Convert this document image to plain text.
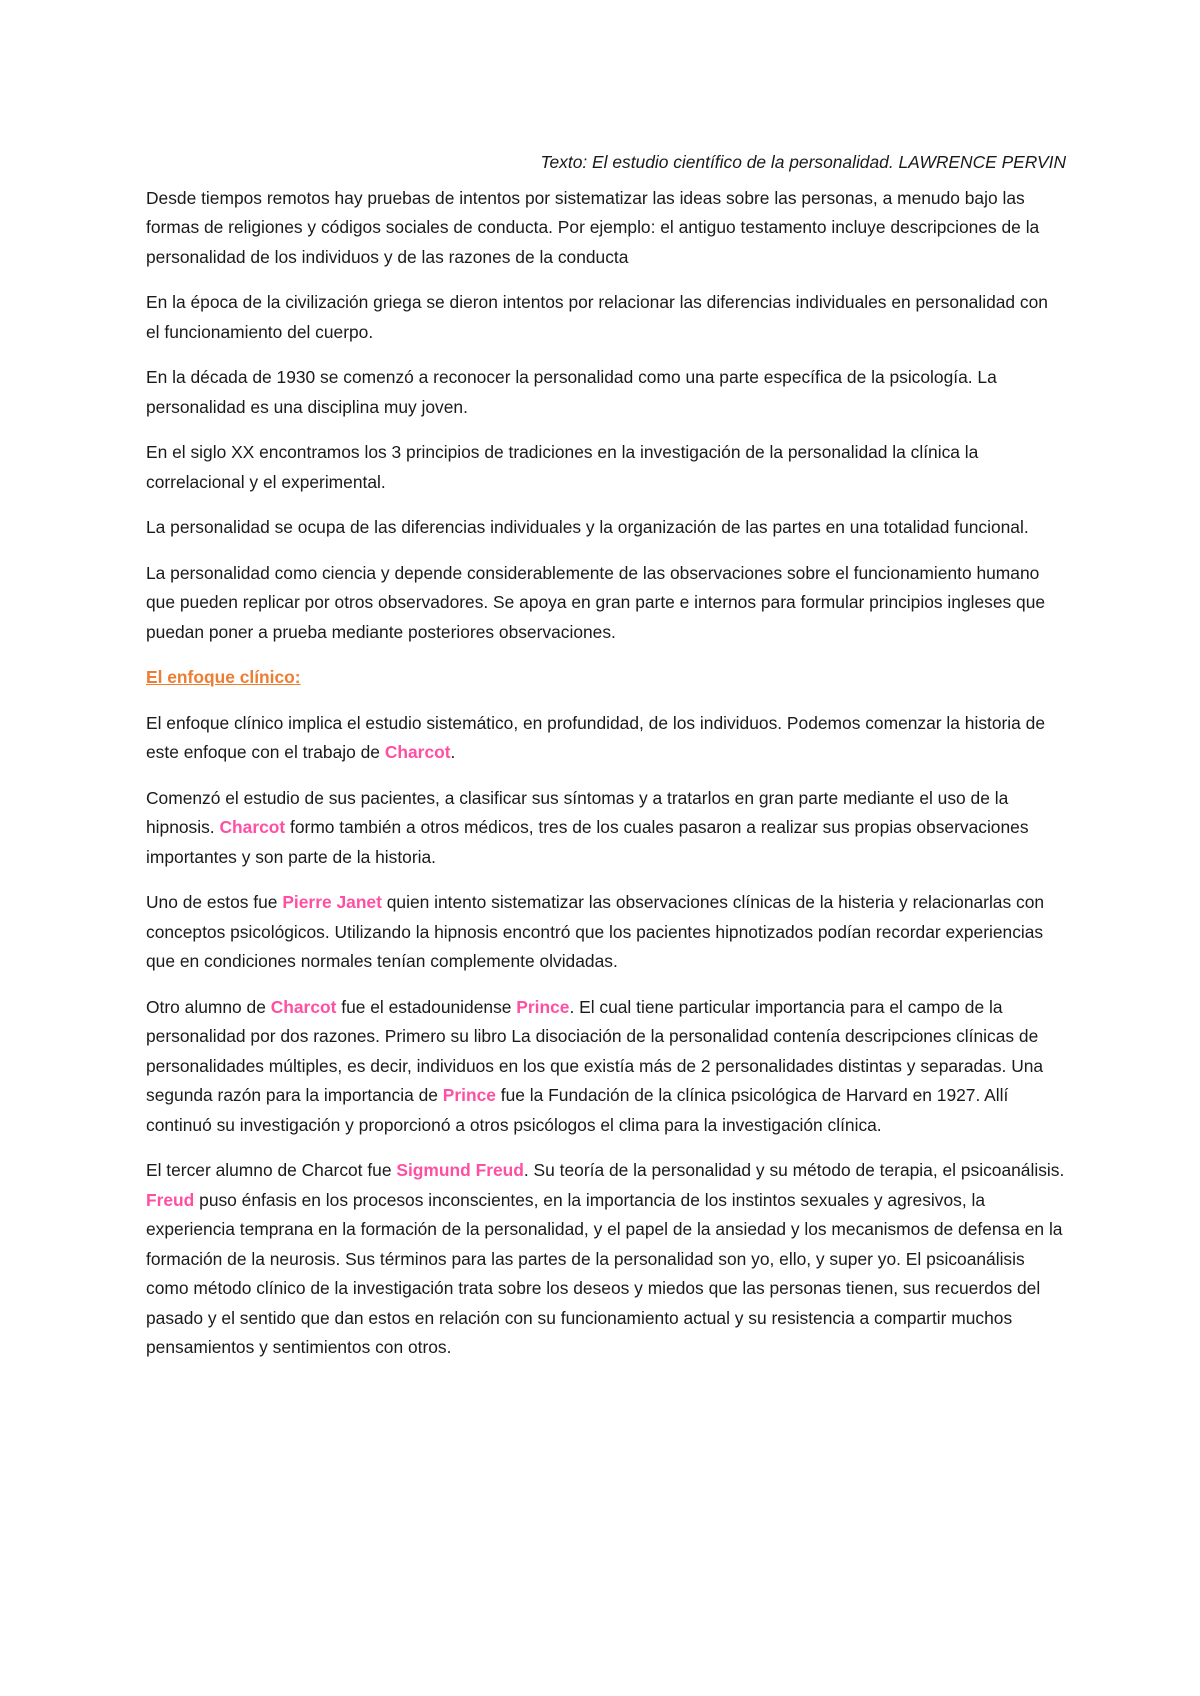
Texto: El estudio científico de la personalidad. LAWRENCE PERVIN

Desde tiempos remotos hay pruebas de intentos por sistematizar las ideas sobre las personas, a menudo bajo las formas de religiones y códigos sociales de conducta. Por ejemplo: el antiguo testamento incluye descripciones de la personalidad de los individuos y de las razones de la conducta

En la época de la civilización griega se dieron intentos por relacionar las diferencias individuales en personalidad con el funcionamiento del cuerpo.

En la década de 1930 se comenzó a reconocer la personalidad como una parte específica de la psicología. La personalidad es una disciplina muy joven.

En el siglo XX encontramos los 3 principios de tradiciones en la investigación de la personalidad la clínica la correlacional y el experimental.

La personalidad se ocupa de las diferencias individuales y la organización de las partes en una totalidad funcional.

La personalidad como ciencia y depende considerablemente de las observaciones sobre el funcionamiento humano que pueden replicar por otros observadores. Se apoya en gran parte e internos para formular principios ingleses que puedan poner a prueba mediante posteriores observaciones.

El enfoque clínico:

El enfoque clínico implica el estudio sistemático, en profundidad, de los individuos. Podemos comenzar la historia de este enfoque con el trabajo de Charcot.

Comenzó el estudio de sus pacientes, a clasificar sus síntomas y a tratarlos en gran parte mediante el uso de la hipnosis. Charcot formo también a otros médicos, tres de los cuales pasaron a realizar sus propias observaciones importantes y son parte de la historia.

Uno de estos fue Pierre Janet quien intento sistematizar las observaciones clínicas de la histeria y relacionarlas con conceptos psicológicos. Utilizando la hipnosis encontró que los pacientes hipnotizados podían recordar experiencias que en condiciones normales tenían complemente olvidadas.

Otro alumno de Charcot fue el estadounidense Prince. El cual tiene particular importancia para el campo de la personalidad por dos razones. Primero su libro La disociación de la personalidad contenía descripciones clínicas de personalidades múltiples, es decir, individuos en los que existía más de 2 personalidades distintas y separadas. Una segunda razón para la importancia de Prince fue la Fundación de la clínica psicológica de Harvard en 1927. Allí continuó su investigación y proporcionó a otros psicólogos el clima para la investigación clínica.

El tercer alumno de Charcot fue Sigmund Freud. Su teoría de la personalidad y su método de terapia, el psicoanálisis. Freud puso énfasis en los procesos inconscientes, en la importancia de los instintos sexuales y agresivos, la experiencia temprana en la formación de la personalidad, y el papel de la ansiedad y los mecanismos de defensa en la formación de la neurosis. Sus términos para las partes de la personalidad son yo, ello, y super yo. El psicoanálisis como método clínico de la investigación trata sobre los deseos y miedos que las personas tienen, sus recuerdos del pasado y el sentido que dan estos en relación con su funcionamiento actual y su resistencia a compartir muchos pensamientos y sentimientos con otros.
